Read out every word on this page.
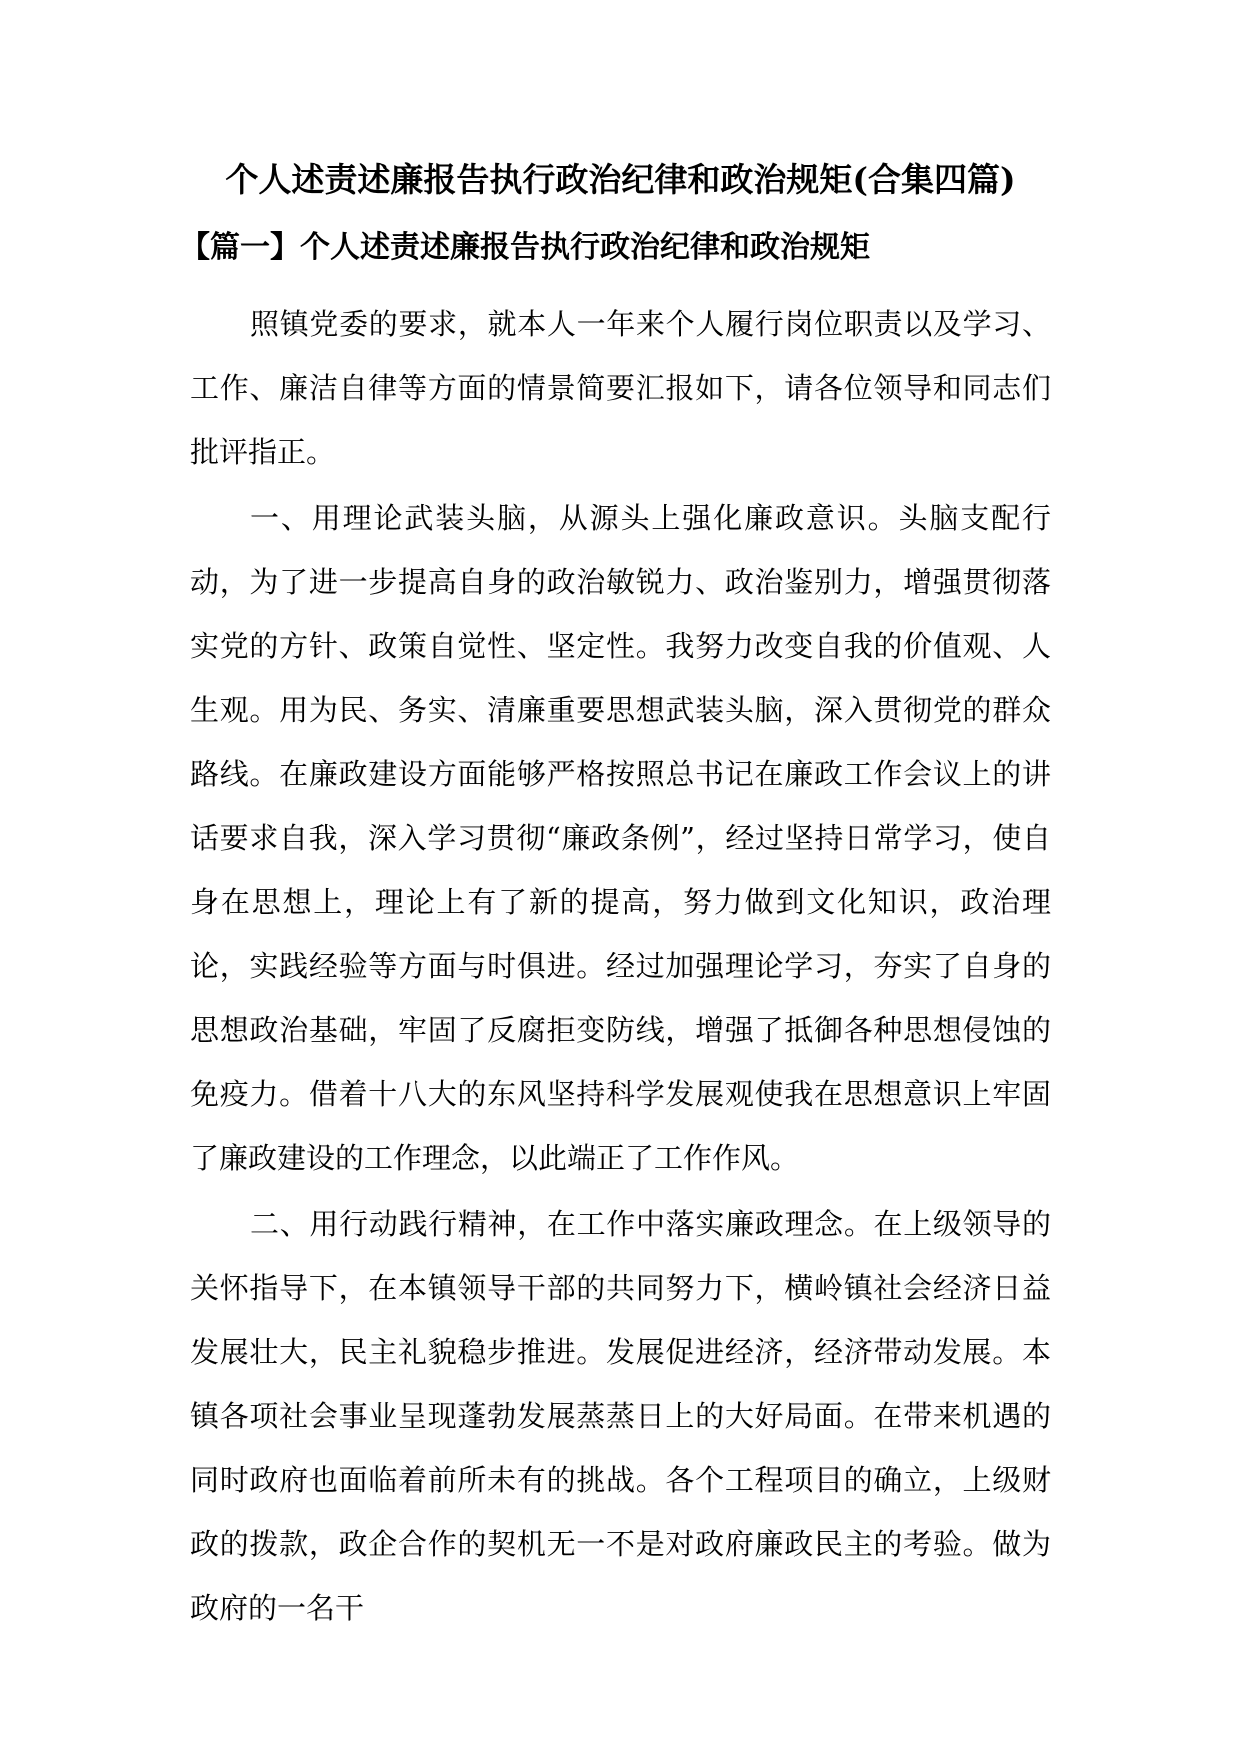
个人述责述廉报告执行政治纪律和政治规矩(合集四篇)
【篇一】个人述责述廉报告执行政治纪律和政治规矩

照镇党委的要求，就本人一年来个人履行岗位职责以及学习、工作、廉洁自律等方面的情景简要汇报如下，请各位领导和同志们批评指正。

一、用理论武装头脑，从源头上强化廉政意识。头脑支配行动，为了进一步提高自身的政治敏锐力、政治鉴别力，增强贯彻落实党的方针、政策自觉性、坚定性。我努力改变自我的价值观、人生观。用为民、务实、清廉重要思想武装头脑，深入贯彻党的群众路线。在廉政建设方面能够严格按照总书记在廉政工作会议上的讲话要求自我，深入学习贯彻“廉政条例”，经过坚持日常学习，使自身在思想上，理论上有了新的提高，努力做到文化知识，政治理论，实践经验等方面与时俱进。经过加强理论学习，夯实了自身的思想政治基础，牢固了反腐拒变防线，增强了抵御各种思想侵蚀的免疫力。借着十八大的东风坚持科学发展观使我在思想意识上牢固了廉政建设的工作理念，以此端正了工作作风。

二、用行动践行精神，在工作中落实廉政理念。在上级领导的关怀指导下，在本镇领导干部的共同努力下，横岭镇社会经济日益发展壮大，民主礼貌稳步推进。发展促进经济，经济带动发展。本镇各项社会事业呈现蓬勃发展蒸蒸日上的大好局面。在带来机遇的同时政府也面临着前所未有的挑战。各个工程项目的确立，上级财政的拨款，政企合作的契机无一不是对政府廉政民主的考验。做为政府的一名干
